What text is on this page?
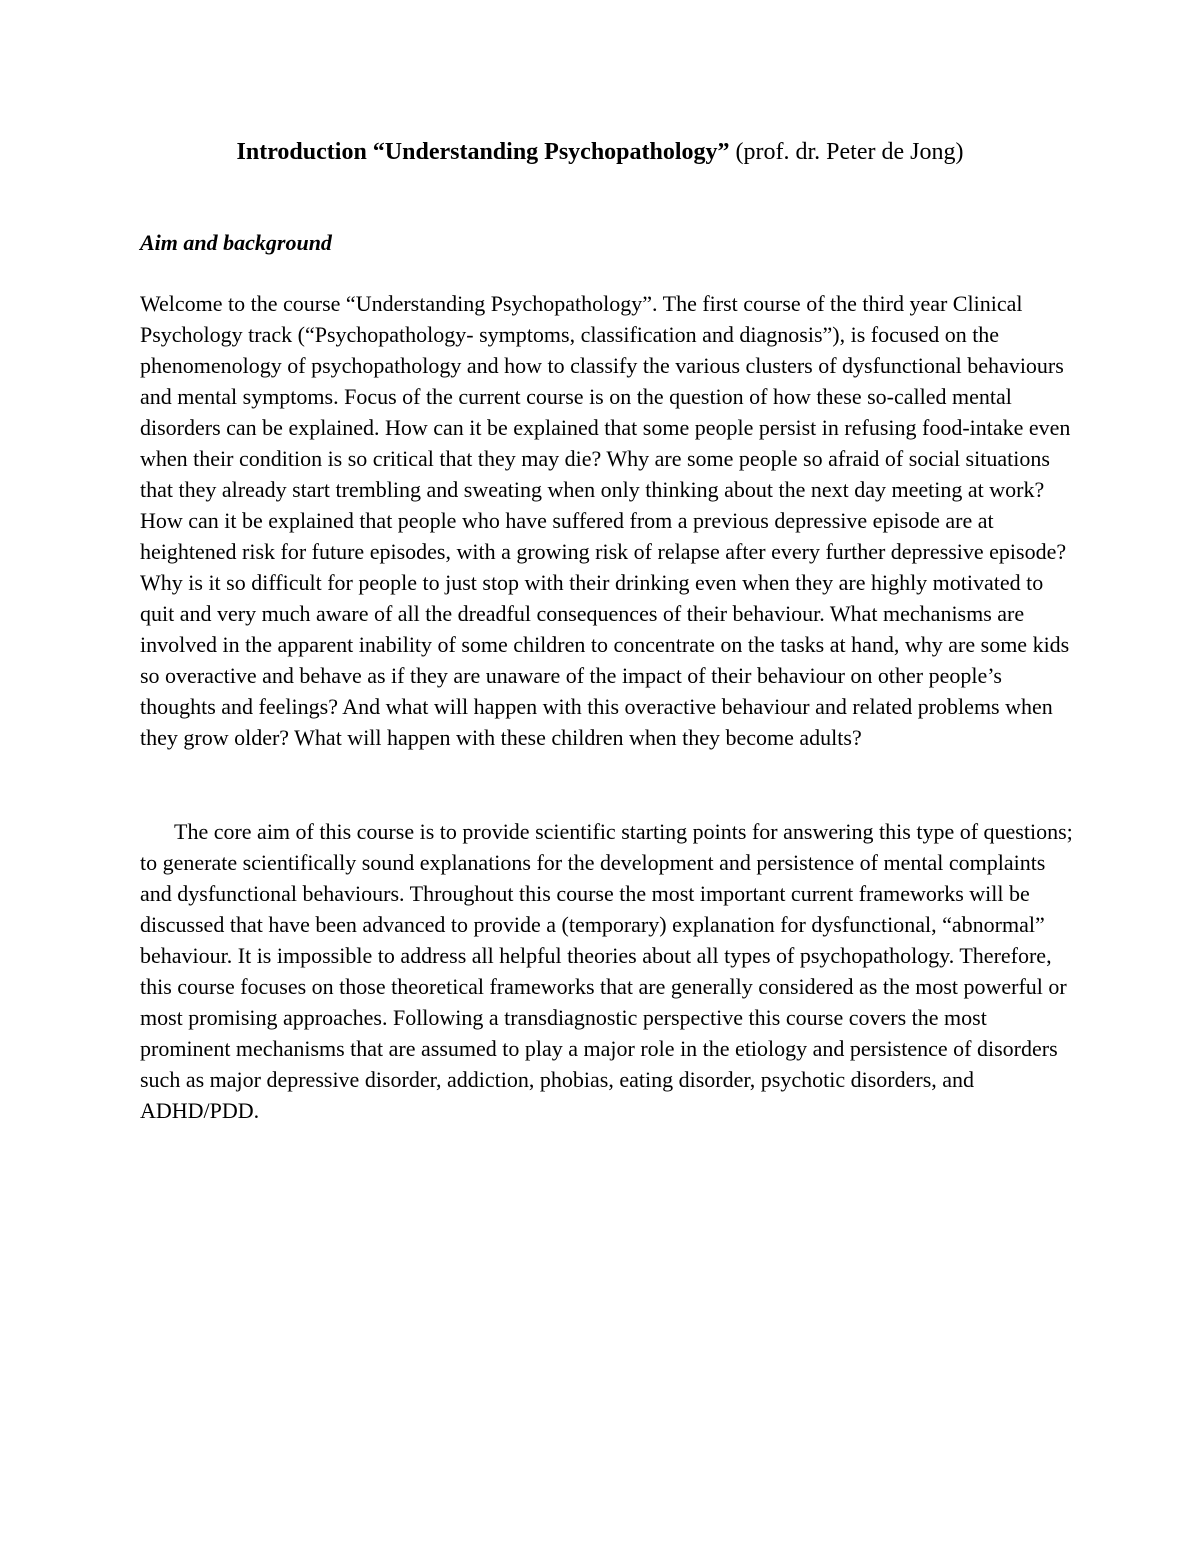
Introduction “Understanding Psychopathology” (prof. dr. Peter de Jong)
Aim and background

Welcome to the course “Understanding Psychopathology”. The first course of the third year Clinical Psychology track (“Psychopathology- symptoms, classification and diagnosis”), is focused on the phenomenology of psychopathology and how to classify the various clusters of dysfunctional behaviours and mental symptoms. Focus of the current course is on the question of how these so-called mental disorders can be explained. How can it be explained that some people persist in refusing food-intake even when their condition is so critical that they may die? Why are some people so afraid of social situations that they already start trembling and sweating when only thinking about the next day meeting at work? How can it be explained that people who have suffered from a previous depressive episode are at heightened risk for future episodes, with a growing risk of relapse after every further depressive episode? Why is it so difficult for people to just stop with their drinking even when they are highly motivated to quit and very much aware of all the dreadful consequences of their behaviour. What mechanisms are involved in the apparent inability of some children to concentrate on the tasks at hand, why are some kids so overactive and behave as if they are unaware of the impact of their behaviour on other people’s thoughts and feelings? And what will happen with this overactive behaviour and related problems when they grow older? What will happen with these children when they become adults?

The core aim of this course is to provide scientific starting points for answering this type of questions; to generate scientifically sound explanations for the development and persistence of mental complaints and dysfunctional behaviours. Throughout this course the most important current frameworks will be discussed that have been advanced to provide a (temporary) explanation for dysfunctional, “abnormal” behaviour. It is impossible to address all helpful theories about all types of psychopathology. Therefore, this course focuses on those theoretical frameworks that are generally considered as the most powerful or most promising approaches. Following a transdiagnostic perspective this course covers the most prominent mechanisms that are assumed to play a major role in the etiology and persistence of disorders such as major depressive disorder, addiction, phobias, eating disorder, psychotic disorders, and ADHD/PDD.
